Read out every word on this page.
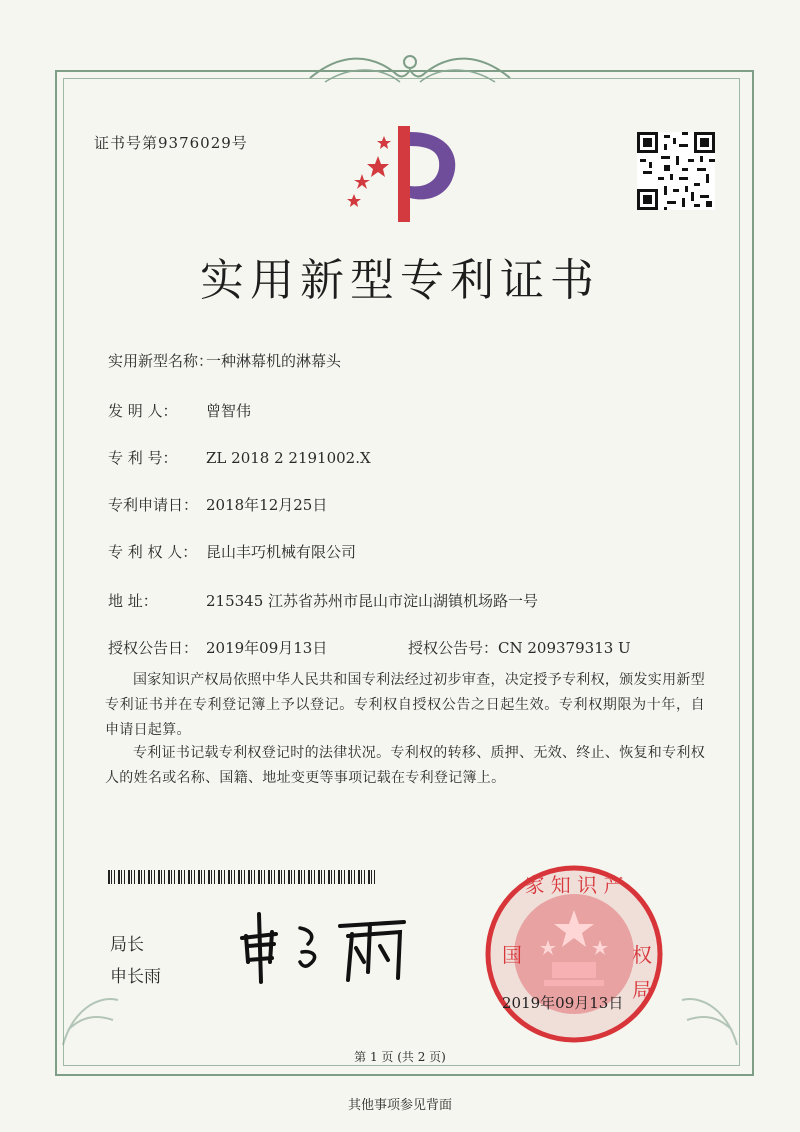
证书号第9376029号
实用新型专利证书
实用新型名称：一种淋幕机的淋幕头
发 明 人： 曾智伟
专 利 号： ZL 2018 2 2191002.X
专利申请日： 2018年12月25日
专 利 权 人： 昆山丰巧机械有限公司
地 址：	215345 江苏省苏州市昆山市淀山湖镇机场路一号
授权公告日： 2019年09月13日	授权公告号：CN 209379313 U
国家知识产权局依照中华人民共和国专利法经过初步审查，决定授予专利权，颁发实用新型专利证书并在专利登记簿上予以登记。专利权自授权公告之日起生效。专利权期限为十年，自申请日起算。
专利证书记载专利权登记时的法律状况。专利权的转移、质押、无效、终止、恢复和专利权人的姓名或名称、国籍、地址变更等事项记载在专利登记簿上。
局长
申长雨
家 知 识 产
国	权
局
2019年09月13日
第 1 页 (共 2 页)
其他事项参见背面
